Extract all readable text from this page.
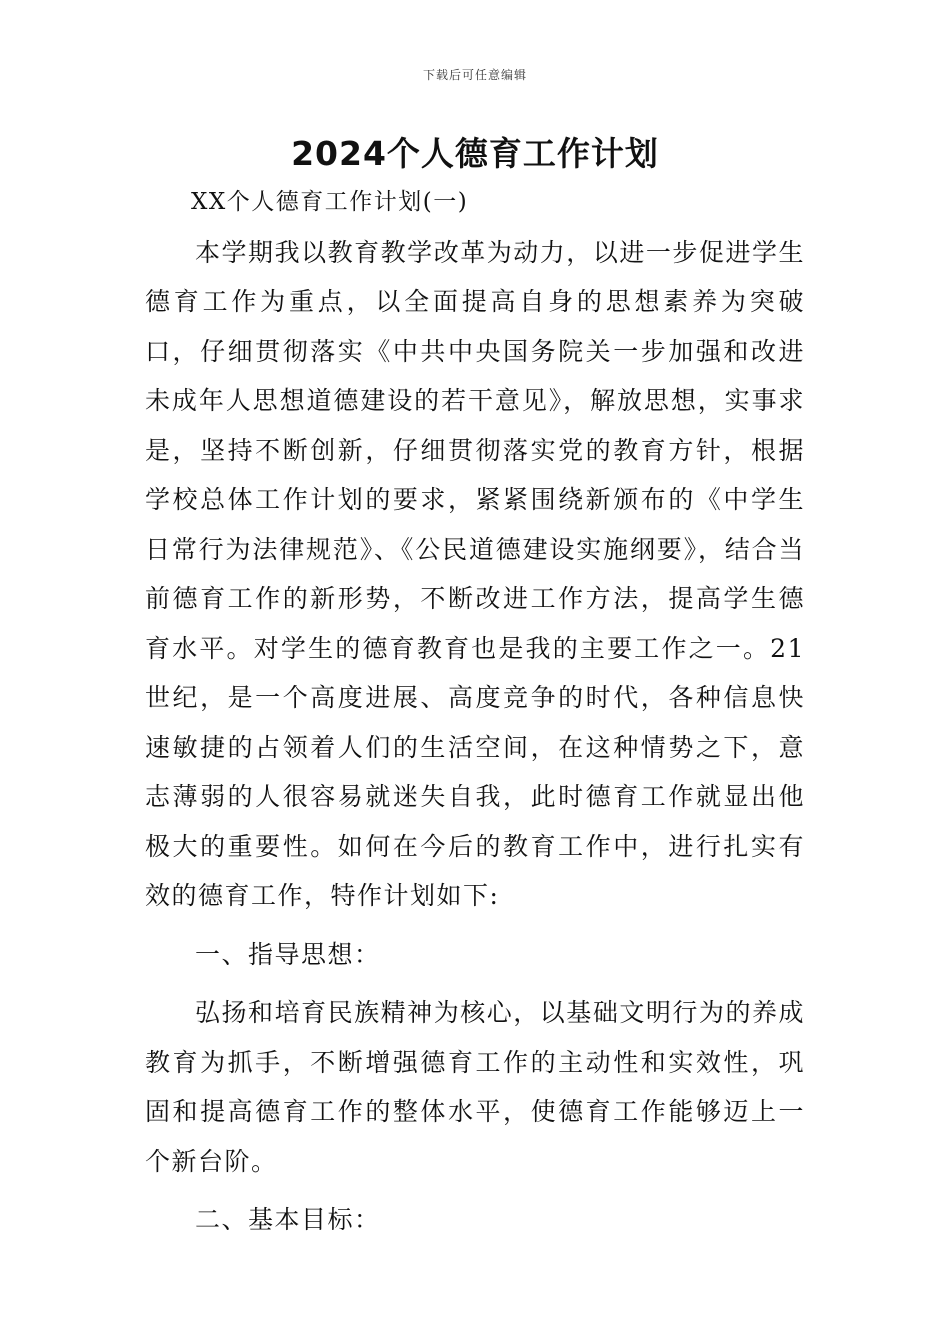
下载后可任意编辑
2024个人德育工作计划

XX个人德育工作计划(一)

本学期我以教育教学改革为动力，以进一步促进学生德育工作为重点，以全面提高自身的思想素养为突破口，仔细贯彻落实《中共中央国务院关一步加强和改进未成年人思想道德建设的若干意见》，解放思想，实事求是，坚持不断创新，仔细贯彻落实党的教育方针，根据学校总体工作计划的要求，紧紧围绕新颁布的《中学生日常行为法律规范》、《公民道德建设实施纲要》，结合当前德育工作的新形势，不断改进工作方法，提高学生德育水平。对学生的德育教育也是我的主要工作之一。21世纪，是一个高度进展、高度竞争的时代，各种信息快速敏捷的占领着人们的生活空间，在这种情势之下，意志薄弱的人很容易就迷失自我，此时德育工作就显出他极大的重要性。如何在今后的教育工作中，进行扎实有效的德育工作，特作计划如下:

一、指导思想：

弘扬和培育民族精神为核心，以基础文明行为的养成教育为抓手，不断增强德育工作的主动性和实效性，巩固和提高德育工作的整体水平，使德育工作能够迈上一个新台阶。

二、基本目标：
